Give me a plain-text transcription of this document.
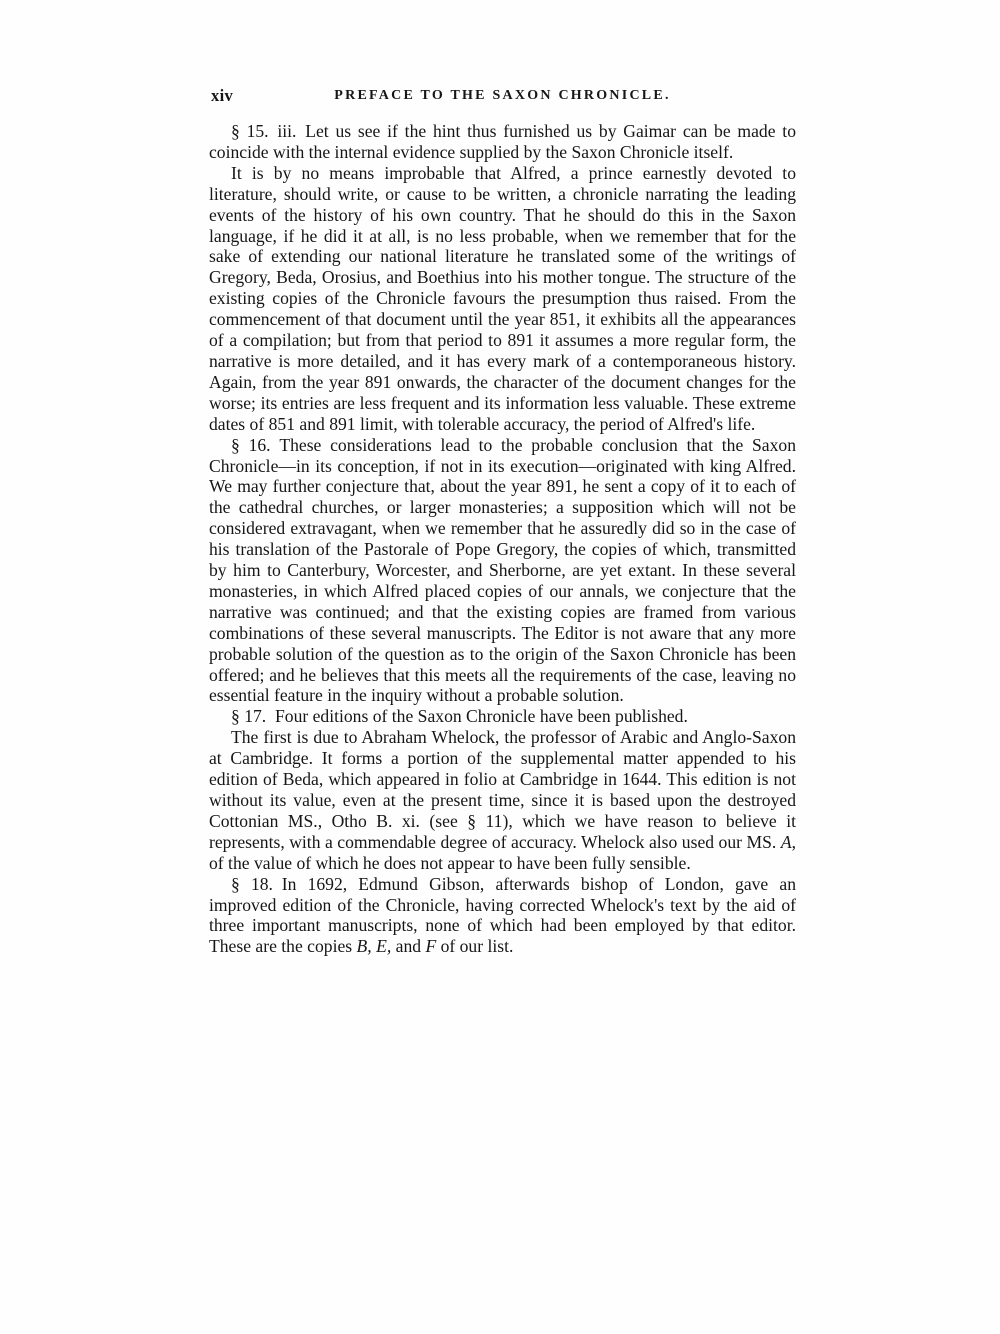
xiv	PREFACE TO THE SAXON CHRONICLE.

§ 15. iii. Let us see if the hint thus furnished us by Gaimar can be made to coincide with the internal evidence supplied by the Saxon Chronicle itself.

It is by no means improbable that Alfred, a prince earnestly devoted to literature, should write, or cause to be written, a chronicle narrating the leading events of the history of his own country. That he should do this in the Saxon language, if he did it at all, is no less probable, when we remember that for the sake of extending our national literature he translated some of the writings of Gregory, Beda, Orosius, and Boethius into his mother tongue. The structure of the existing copies of the Chronicle favours the presumption thus raised. From the commencement of that document until the year 851, it exhibits all the appearances of a compilation; but from that period to 891 it assumes a more regular form, the narrative is more detailed, and it has every mark of a contemporaneous history. Again, from the year 891 onwards, the character of the document changes for the worse; its entries are less frequent and its information less valuable. These extreme dates of 851 and 891 limit, with tolerable accuracy, the period of Alfred's life.

§ 16. These considerations lead to the probable conclusion that the Saxon Chronicle—in its conception, if not in its execution—originated with king Alfred. We may further conjecture that, about the year 891, he sent a copy of it to each of the cathedral churches, or larger monasteries; a supposition which will not be considered extravagant, when we remember that he assuredly did so in the case of his translation of the Pastorale of Pope Gregory, the copies of which, transmitted by him to Canterbury, Worcester, and Sherborne, are yet extant. In these several monasteries, in which Alfred placed copies of our annals, we conjecture that the narrative was continued; and that the existing copies are framed from various combinations of these several manuscripts. The Editor is not aware that any more probable solution of the question as to the origin of the Saxon Chronicle has been offered; and he believes that this meets all the requirements of the case, leaving no essential feature in the inquiry without a probable solution.

§ 17. Four editions of the Saxon Chronicle have been published.

The first is due to Abraham Whelock, the professor of Arabic and Anglo-Saxon at Cambridge. It forms a portion of the supplemental matter appended to his edition of Beda, which appeared in folio at Cambridge in 1644. This edition is not without its value, even at the present time, since it is based upon the destroyed Cottonian MS., Otho B. xi. (see § 11), which we have reason to believe it represents, with a commendable degree of accuracy. Whelock also used our MS. A, of the value of which he does not appear to have been fully sensible.

§ 18. In 1692, Edmund Gibson, afterwards bishop of London, gave an improved edition of the Chronicle, having corrected Whelock's text by the aid of three important manuscripts, none of which had been employed by that editor. These are the copies B, E, and F of our list.
